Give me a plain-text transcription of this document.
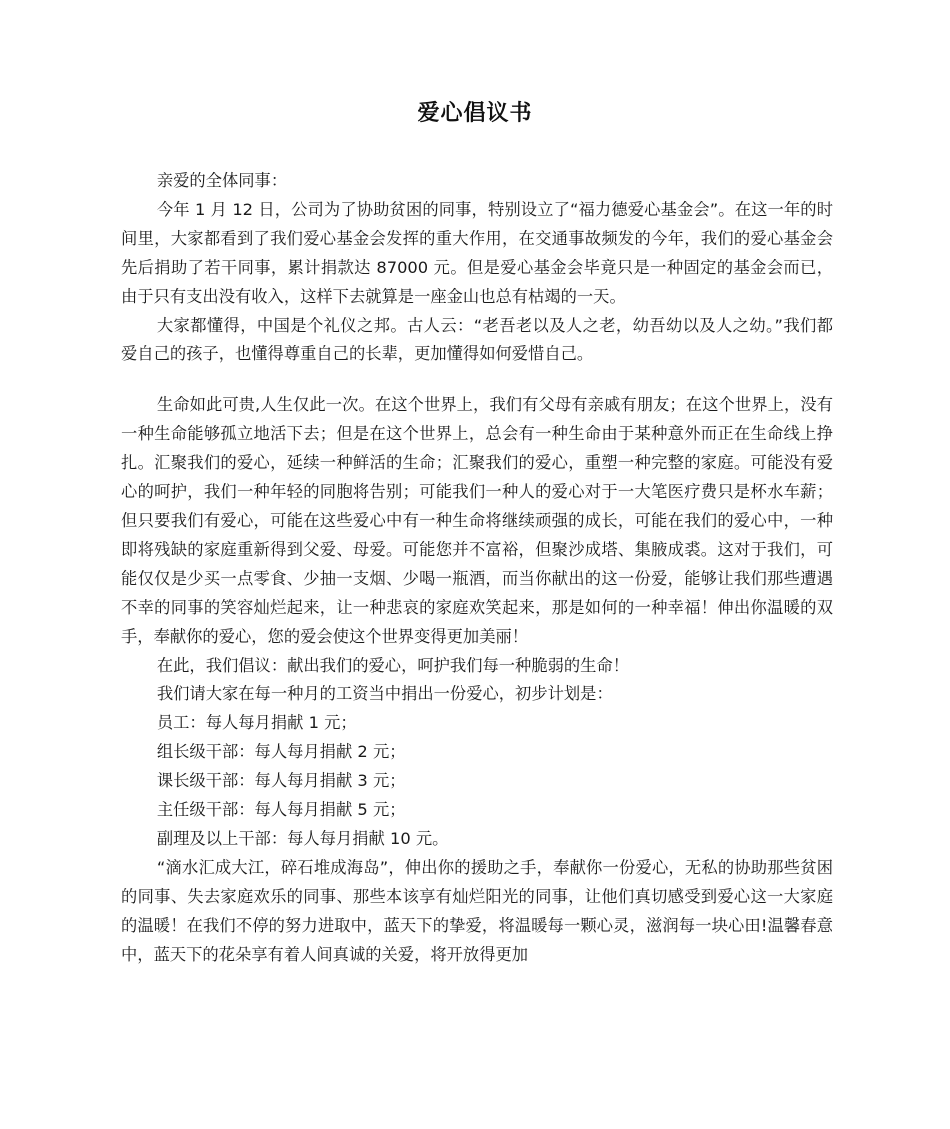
爱心倡议书

亲爱的全体同事：

今年 1 月 12 日，公司为了协助贫困的同事，特别设立了“福力德爱心基金会”。在这一年的时间里，大家都看到了我们爱心基金会发挥的重大作用，在交通事故频发的今年，我们的爱心基金会先后捐助了若干同事，累计捐款达 87000 元。但是爱心基金会毕竟只是一种固定的基金会而已，由于只有支出没有收入，这样下去就算是一座金山也总有枯竭的一天。

大家都懂得，中国是个礼仪之邦。古人云：“老吾老以及人之老，幼吾幼以及人之幼。”我们都爱自己的孩子，也懂得尊重自己的长辈，更加懂得如何爱惜自己。

生命如此可贵,人生仅此一次。在这个世界上，我们有父母有亲戚有朋友；在这个世界上，没有一种生命能够孤立地活下去；但是在这个世界上，总会有一种生命由于某种意外而正在生命线上挣扎。汇聚我们的爱心，延续一种鲜活的生命；汇聚我们的爱心，重塑一种完整的家庭。可能没有爱心的呵护，我们一种年轻的同胞将告别；可能我们一种人的爱心对于一大笔医疗费只是杯水车薪；但只要我们有爱心，可能在这些爱心中有一种生命将继续顽强的成长，可能在我们的爱心中，一种即将残缺的家庭重新得到父爱、母爱。可能您并不富裕，但聚沙成塔、集腋成裘。这对于我们，可能仅仅是少买一点零食、少抽一支烟、少喝一瓶酒，而当你献出的这一份爱，能够让我们那些遭遇不幸的同事的笑容灿烂起来，让一种悲哀的家庭欢笑起来，那是如何的一种幸福！伸出你温暖的双手，奉献你的爱心，您的爱会使这个世界变得更加美丽！

在此，我们倡议：献出我们的爱心，呵护我们每一种脆弱的生命！

我们请大家在每一种月的工资当中捐出一份爱心，初步计划是：

员工：每人每月捐献 1 元；

组长级干部：每人每月捐献 2 元；

课长级干部：每人每月捐献 3 元；

主任级干部：每人每月捐献 5 元；

副理及以上干部：每人每月捐献 10 元。

“滴水汇成大江，碎石堆成海岛”，伸出你的援助之手，奉献你一份爱心，无私的协助那些贫困的同事、失去家庭欢乐的同事、那些本该享有灿烂阳光的同事，让他们真切感受到爱心这一大家庭的温暖！在我们不停的努力进取中，蓝天下的挚爱，将温暖每一颗心灵，滋润每一块心田!温馨春意中，蓝天下的花朵享有着人间真诚的关爱，将开放得更加
